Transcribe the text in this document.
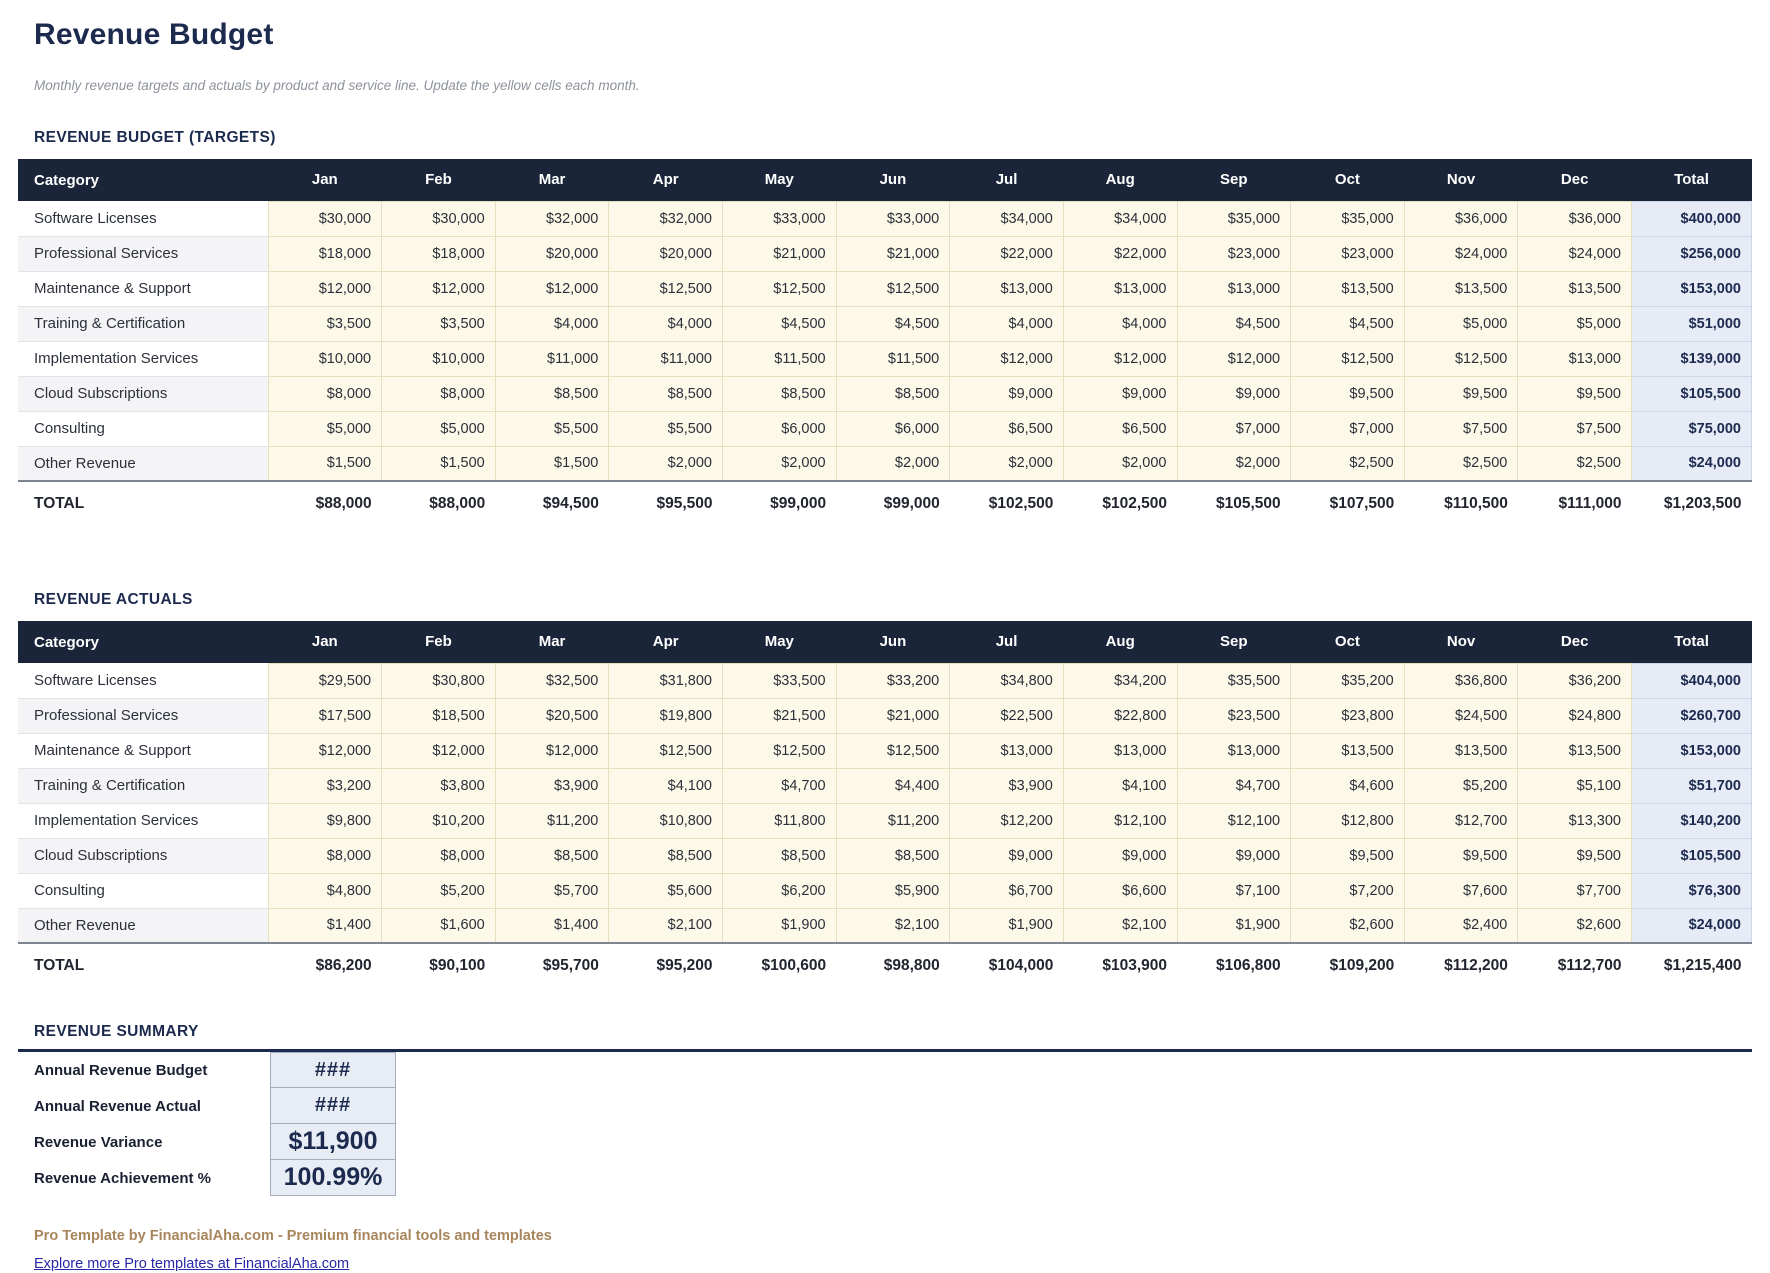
Revenue Budget

Monthly revenue targets and actuals by product and service line. Update the yellow cells each month.

REVENUE BUDGET (TARGETS)
Category	Jan	Feb	Mar	Apr	May	Jun	Jul	Aug	Sep	Oct	Nov	Dec	Total
Software Licenses	$30,000	$30,000	$32,000	$32,000	$33,000	$33,000	$34,000	$34,000	$35,000	$35,000	$36,000	$36,000	$400,000
Professional Services	$18,000	$18,000	$20,000	$20,000	$21,000	$21,000	$22,000	$22,000	$23,000	$23,000	$24,000	$24,000	$256,000
Maintenance & Support	$12,000	$12,000	$12,000	$12,500	$12,500	$12,500	$13,000	$13,000	$13,000	$13,500	$13,500	$13,500	$153,000
Training & Certification	$3,500	$3,500	$4,000	$4,000	$4,500	$4,500	$4,000	$4,000	$4,500	$4,500	$5,000	$5,000	$51,000
Implementation Services	$10,000	$10,000	$11,000	$11,000	$11,500	$11,500	$12,000	$12,000	$12,000	$12,500	$12,500	$13,000	$139,000
Cloud Subscriptions	$8,000	$8,000	$8,500	$8,500	$8,500	$8,500	$9,000	$9,000	$9,000	$9,500	$9,500	$9,500	$105,500
Consulting	$5,000	$5,000	$5,500	$5,500	$6,000	$6,000	$6,500	$6,500	$7,000	$7,000	$7,500	$7,500	$75,000
Other Revenue	$1,500	$1,500	$1,500	$2,000	$2,000	$2,000	$2,000	$2,000	$2,000	$2,500	$2,500	$2,500	$24,000
TOTAL	$88,000	$88,000	$94,500	$95,500	$99,000	$99,000	$102,500	$102,500	$105,500	$107,500	$110,500	$111,000	$1,203,500
REVENUE ACTUALS
Category	Jan	Feb	Mar	Apr	May	Jun	Jul	Aug	Sep	Oct	Nov	Dec	Total
Software Licenses	$29,500	$30,800	$32,500	$31,800	$33,500	$33,200	$34,800	$34,200	$35,500	$35,200	$36,800	$36,200	$404,000
Professional Services	$17,500	$18,500	$20,500	$19,800	$21,500	$21,000	$22,500	$22,800	$23,500	$23,800	$24,500	$24,800	$260,700
Maintenance & Support	$12,000	$12,000	$12,000	$12,500	$12,500	$12,500	$13,000	$13,000	$13,000	$13,500	$13,500	$13,500	$153,000
Training & Certification	$3,200	$3,800	$3,900	$4,100	$4,700	$4,400	$3,900	$4,100	$4,700	$4,600	$5,200	$5,100	$51,700
Implementation Services	$9,800	$10,200	$11,200	$10,800	$11,800	$11,200	$12,200	$12,100	$12,100	$12,800	$12,700	$13,300	$140,200
Cloud Subscriptions	$8,000	$8,000	$8,500	$8,500	$8,500	$8,500	$9,000	$9,000	$9,000	$9,500	$9,500	$9,500	$105,500
Consulting	$4,800	$5,200	$5,700	$5,600	$6,200	$5,900	$6,700	$6,600	$7,100	$7,200	$7,600	$7,700	$76,300
Other Revenue	$1,400	$1,600	$1,400	$2,100	$1,900	$2,100	$1,900	$2,100	$1,900	$2,600	$2,400	$2,600	$24,000
TOTAL	$86,200	$90,100	$95,700	$95,200	$100,600	$98,800	$104,000	$103,900	$106,800	$109,200	$112,200	$112,700	$1,215,400
REVENUE SUMMARY
Annual Revenue Budget	###
Annual Revenue Actual	###
Revenue Variance	$11,900
Revenue Achievement %	100.99%

Pro Template by FinancialAha.com - Premium financial tools and templates

Explore more Pro templates at FinancialAha.com
